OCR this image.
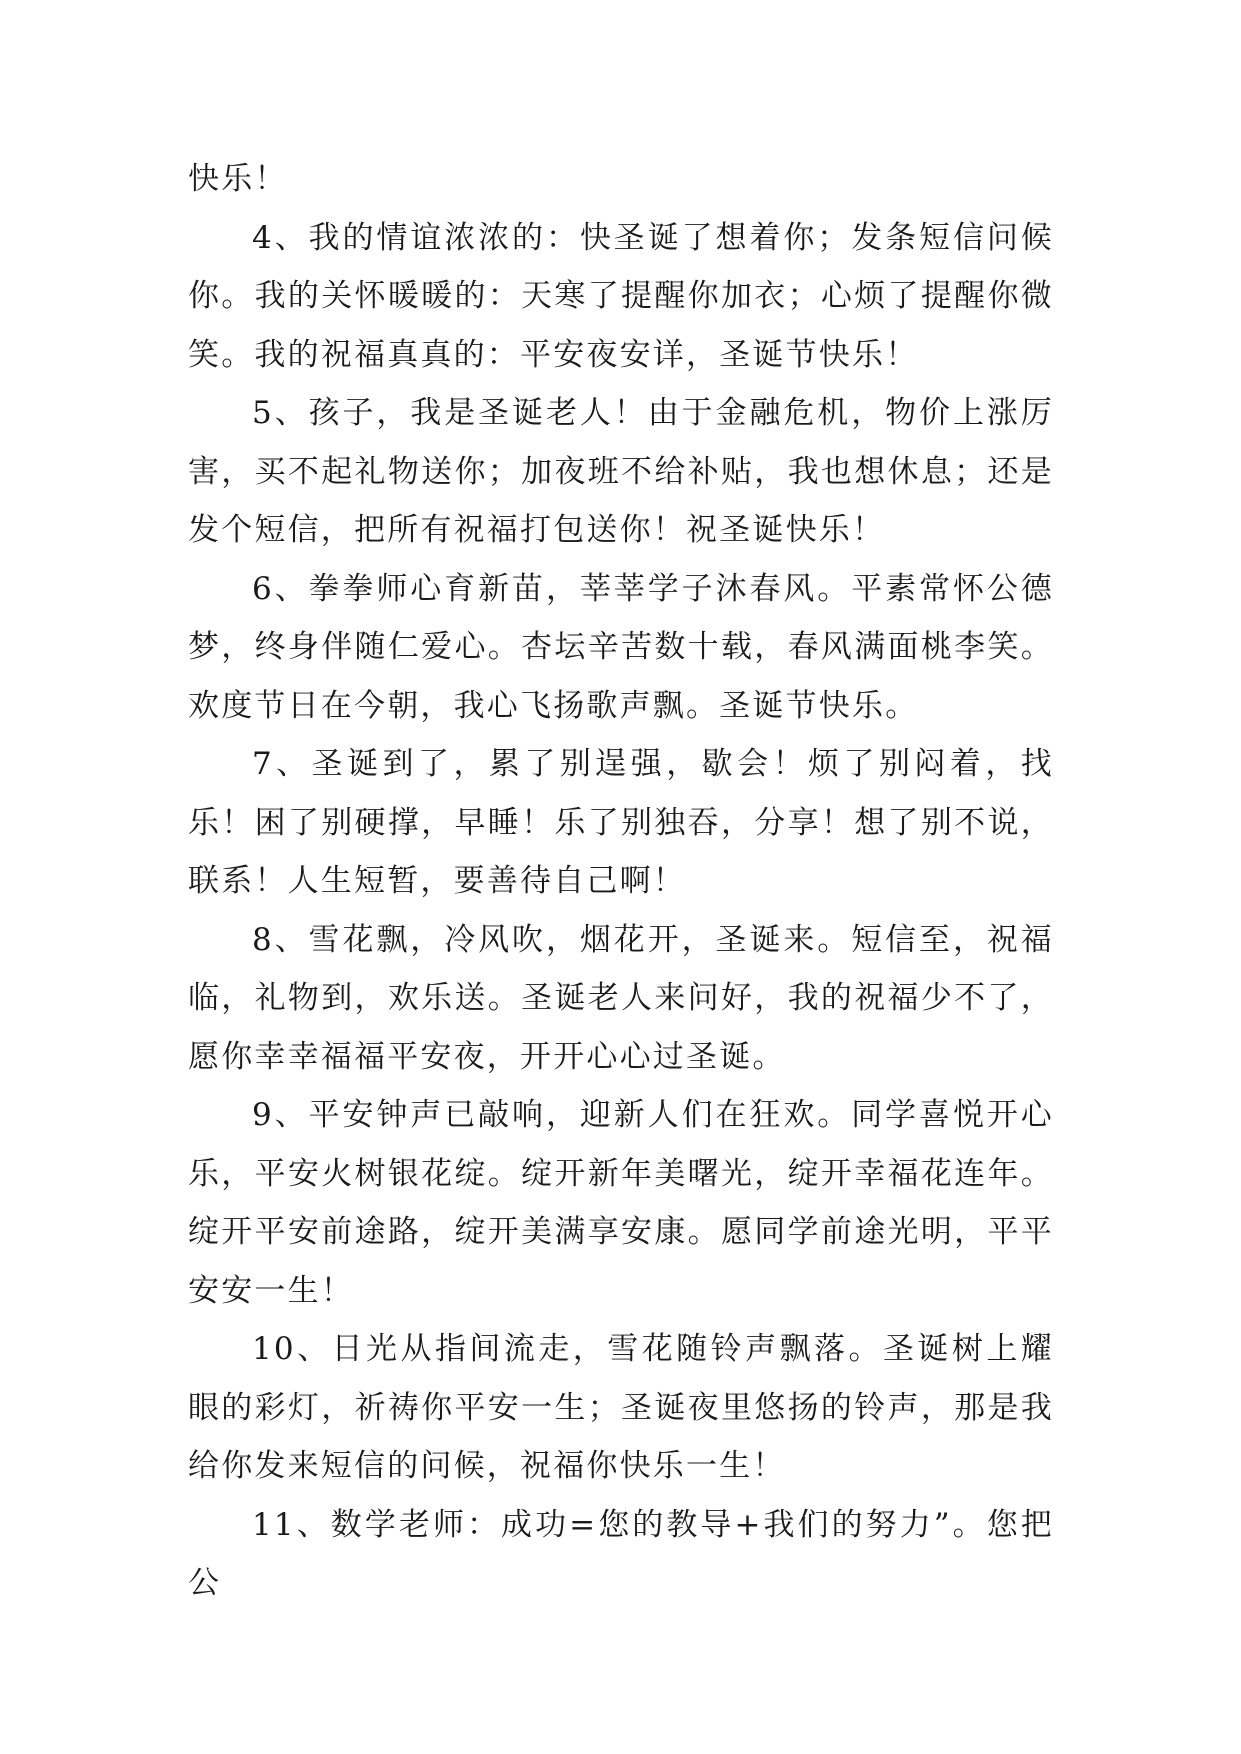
快乐！

4、我的情谊浓浓的：快圣诞了想着你；发条短信问候你。我的关怀暖暖的：天寒了提醒你加衣；心烦了提醒你微笑。我的祝福真真的：平安夜安详，圣诞节快乐！

5、孩子，我是圣诞老人！由于金融危机，物价上涨厉害，买不起礼物送你；加夜班不给补贴，我也想休息；还是发个短信，把所有祝福打包送你！祝圣诞快乐！

6、拳拳师心育新苗，莘莘学子沐春风。平素常怀公德梦，终身伴随仁爱心。杏坛辛苦数十载，春风满面桃李笑。欢度节日在今朝，我心飞扬歌声飘。圣诞节快乐。

7、圣诞到了，累了别逞强，歇会！烦了别闷着，找乐！困了别硬撑，早睡！乐了别独吞，分享！想了别不说，联系！人生短暂，要善待自己啊！

8、雪花飘，冷风吹，烟花开，圣诞来。短信至，祝福临，礼物到，欢乐送。圣诞老人来问好，我的祝福少不了，愿你幸幸福福平安夜，开开心心过圣诞。

9、平安钟声已敲响，迎新人们在狂欢。同学喜悦开心乐，平安火树银花绽。绽开新年美曙光，绽开幸福花连年。绽开平安前途路，绽开美满享安康。愿同学前途光明，平平安安一生！

10、日光从指间流走，雪花随铃声飘落。圣诞树上耀眼的彩灯，祈祷你平安一生；圣诞夜里悠扬的铃声，那是我给你发来短信的问候，祝福你快乐一生！

11、数学老师：成功=您的教导+我们的努力”。您把公
